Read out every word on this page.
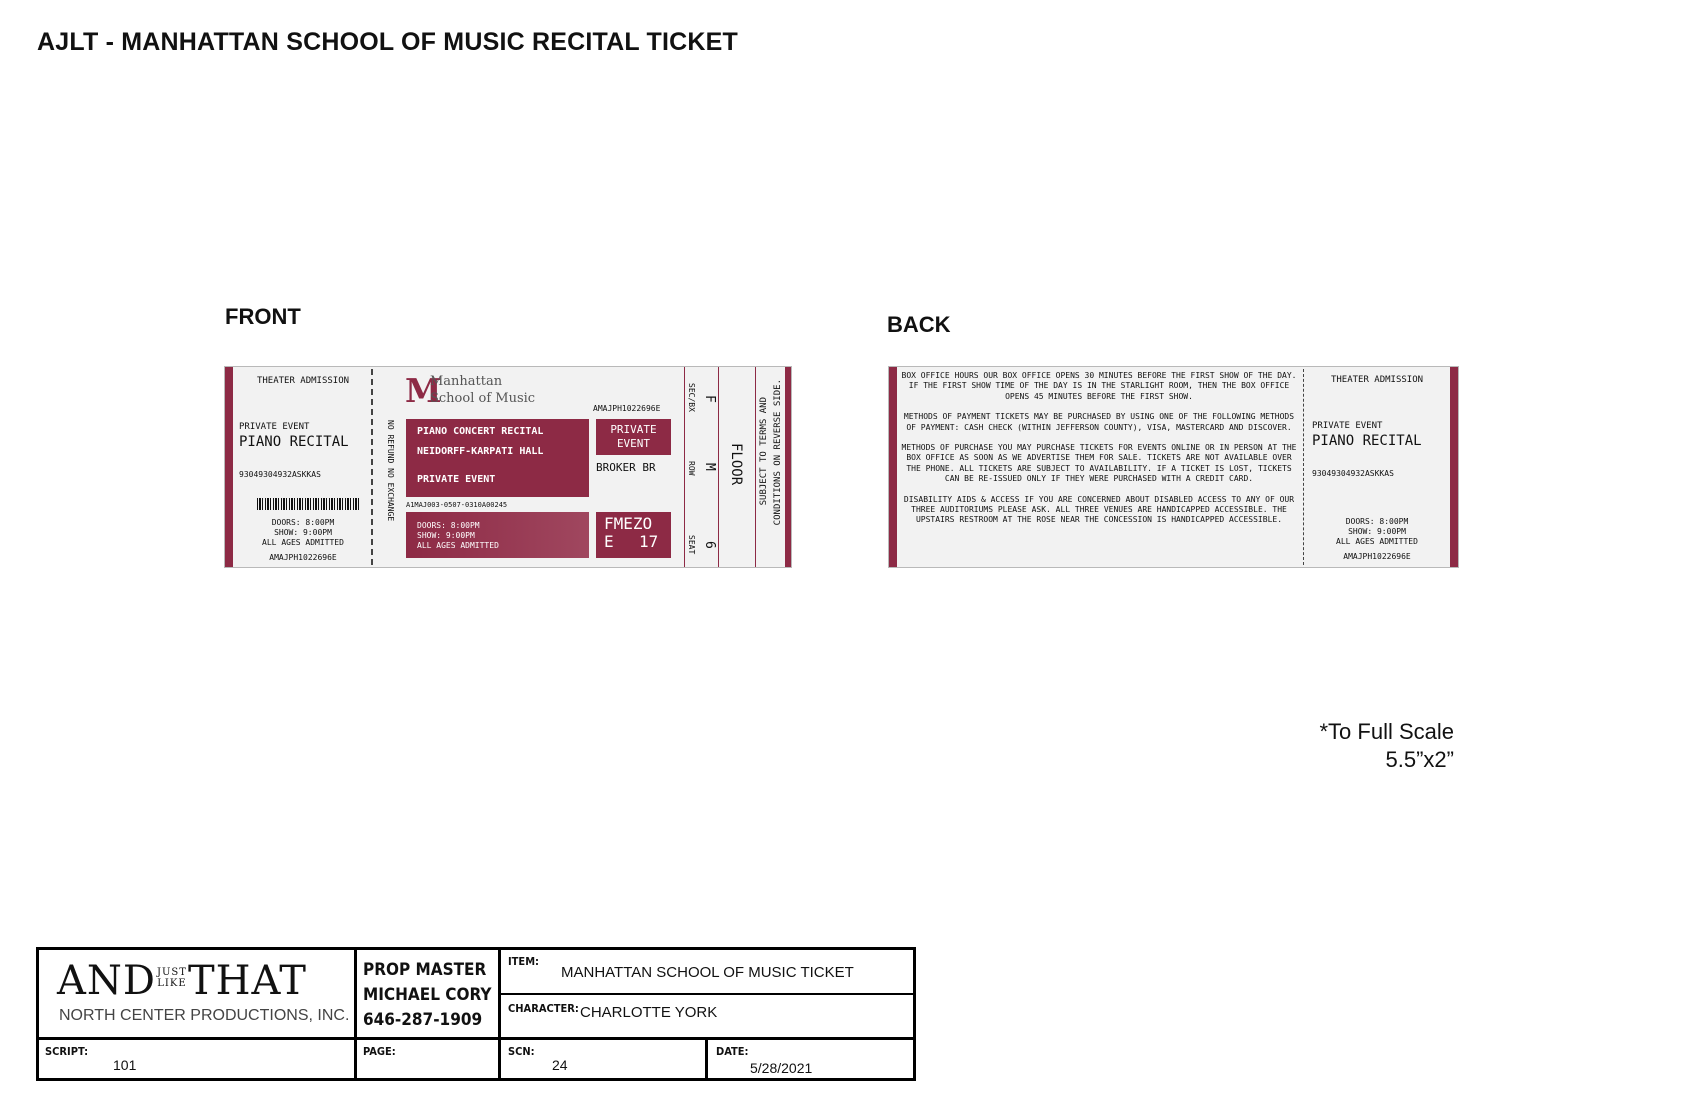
AJLT - MANHATTAN SCHOOL OF MUSIC RECITAL TICKET
FRONT	BACK
THEATER ADMISSION
PRIVATE EVENT
PIANO RECITAL
93049304932ASKKAS
DOORS: 8:00PM
SHOW: 9:00PM
ALL AGES ADMITTED
AMAJPH1022696E
NO REFUND NO EXCHANGE
M
Manhattan
School of Music
AMAJPH1022696E
PIANO CONCERT RECITAL
NEIDORFF-KARPATI HALL
PRIVATE EVENT
PRIVATE EVENT
BROKER BR
A1MAJ003-0507-0310A00245
DOORS: 8:00PM
SHOW: 9:00PM
ALL AGES ADMITTED
FMEZO
E 17
SEC/BX F
ROW M
SEAT 6
FLOOR SUBJECT TO TERMS AND CONDITIONS ON REVERSE SIDE.
BOX OFFICE HOURS OUR BOX OFFICE OPENS 30 MINUTES BEFORE THE FIRST SHOW OF THE DAY. IF THE FIRST SHOW TIME OF THE DAY IS IN THE STARLIGHT ROOM, THEN THE BOX OFFICE OPENS 45 MINUTES BEFORE THE FIRST SHOW.
METHODS OF PAYMENT TICKETS MAY BE PURCHASED BY USING ONE OF THE FOLLOWING METHODS OF PAYMENT: CASH CHECK (WITHIN JEFFERSON COUNTY), VISA, MASTERCARD AND DISCOVER.
METHODS OF PURCHASE YOU MAY PURCHASE TICKETS FOR EVENTS ONLINE OR IN PERSON AT THE BOX OFFICE AS SOON AS WE ADVERTISE THEM FOR SALE. TICKETS ARE NOT AVAILABLE OVER THE PHONE. ALL TICKETS ARE SUBJECT TO AVAILABILITY. IF A TICKET IS LOST, TICKETS CAN BE RE-ISSUED ONLY IF THEY WERE PURCHASED WITH A CREDIT CARD.
DISABILITY AIDS & ACCESS IF YOU ARE CONCERNED ABOUT DISABLED ACCESS TO ANY OF OUR THREE AUDITORIUMS PLEASE ASK. ALL THREE VENUES ARE HANDICAPPED ACCESSIBLE. THE UPSTAIRS RESTROOM AT THE ROSE NEAR THE CONCESSION IS HANDICAPPED ACCESSIBLE.
THEATER ADMISSION
PRIVATE EVENT
PIANO RECITAL
93049304932ASKKAS
DOORS: 8:00PM
SHOW: 9:00PM
ALL AGES ADMITTED
AMAJPH1022696E
*To Full Scale
5.5”x2”
AND JUST
LIKE THAT
NORTH CENTER PRODUCTIONS, INC.
PROP MASTER
MICHAEL CORY
646-287-1909
ITEM:
MANHATTAN SCHOOL OF MUSIC TICKET
CHARACTER: CHARLOTTE YORK
SCRIPT:
101
PAGE:	SCN:
24
DATE:
5/28/2021
